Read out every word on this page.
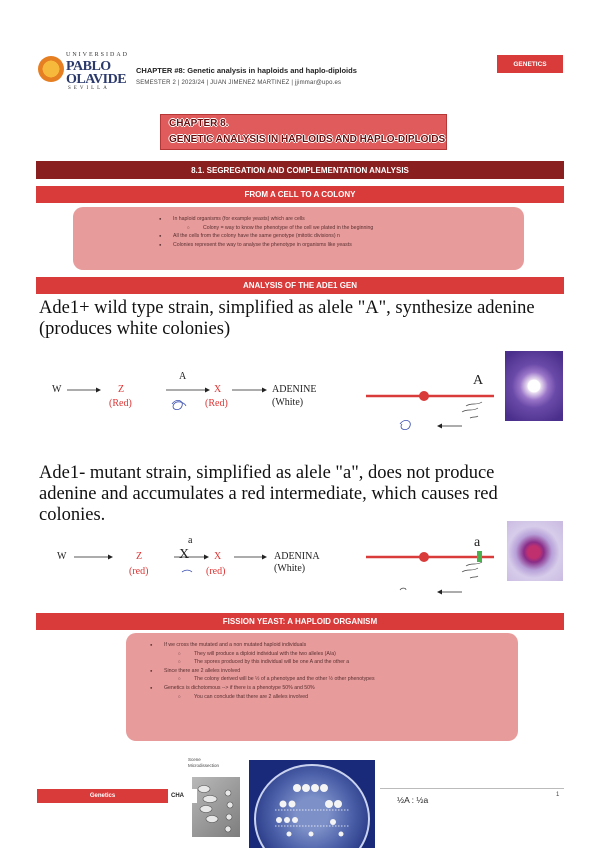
UNIVERSIDAD
PABLO
OLAVIDE
SEVILLA
CHAPTER #8: Genetic analysis in haploids and haplo-diploids
SEMESTER 2 | 2023/24 | JUAN JIMENEZ MARTINEZ | jjimmar@upo.es
GENETICS
CHAPTER 8.
GENETIC ANALYSIS IN HAPLOIDS AND HAPLO-DIPLOIDS
8.1. SEGREGATION AND COMPLEMENTATION ANALYSIS
FROM A CELL TO A COLONY
● In haploid organisms (for example yeasts) which are cells
○ Colony = way to know the phenotype of the cell we plated in the beginning
● All the cells from the colony have the same genotype (mitotic divisions) n
● Colonies represent the way to analyse the phenotype in organisms like yeasts
ANALYSIS OF THE ADE1 GEN
Ade1+ wild type strain, simplified as alele "A", synthesize adenine
(produces white colonies)
W	Z
(Red)
A
X
(Red)
ADENINE
(White)
A
Ade1- mutant strain, simplified as alele "a", does not produce
adenine and accumulates a red intermediate, which causes red
colonies.
W	Z
(red)
a
X X
(red)
ADENINA
(White)
a
FISSION YEAST: A HAPLOID ORGANISM
● If we cross the mutated and a non mutated haploid individuals
○ They will produce a diploid individual with the two alleles (A/a)
○ The spores produced by this individual will be one A and the other a
● Since there are 2 alleles involved
○ The colony derived will be ½ of a phenotype and the other ½ other phenotypes
● Genetics is dichotomous --> if there is a phenotype 50% and 50%
○ You can conclude that there are 2 alleles involved
Scene
Microdissection
Genetics	CHA	½A : ½a	1
